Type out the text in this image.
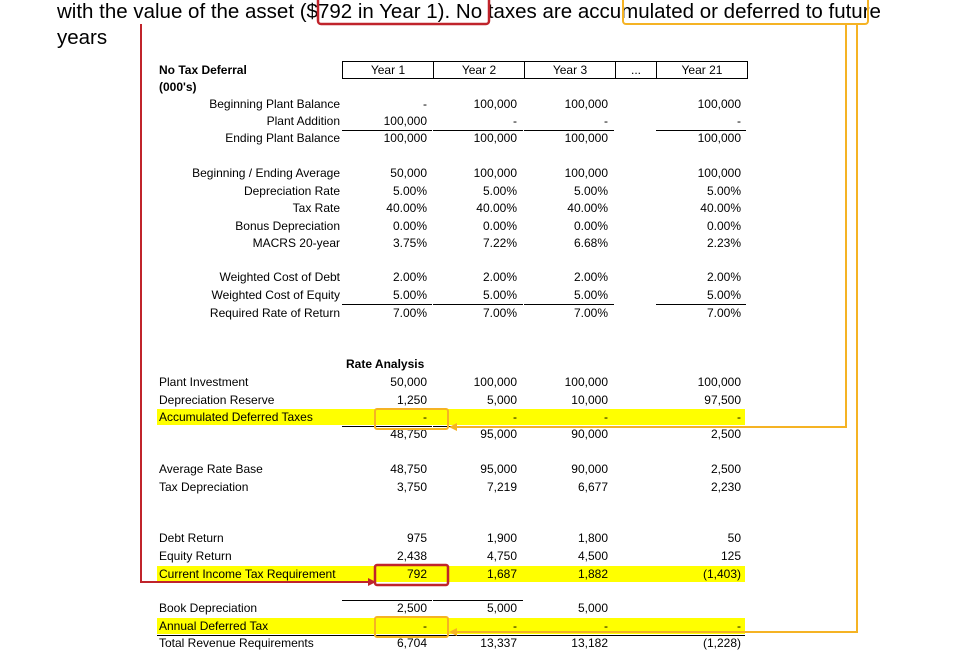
with the value of the asset ($792 in Year 1). No taxes are accumulated or deferred to future
years
No Tax Deferral
(000's)
Year 1	Year 2	Year 3	...	Year 21
Rate Analysis
Beginning Plant Balance	-	100,000	100,000	100,000
Plant Addition	100,000	-	-	-
Ending Plant Balance	100,000	100,000	100,000	100,000
Beginning / Ending Average	50,000	100,000	100,000	100,000
Depreciation Rate	5.00%	5.00%	5.00%	5.00%
Tax Rate	40.00%	40.00%	40.00%	40.00%
Bonus Depreciation	0.00%	0.00%	0.00%	0.00%
MACRS 20-year	3.75%	7.22%	6.68%	2.23%
Weighted Cost of Debt	2.00%	2.00%	2.00%	2.00%
Weighted Cost of Equity	5.00%	5.00%	5.00%	5.00%
Required Rate of Return	7.00%	7.00%	7.00%	7.00%
Plant Investment	50,000	100,000	100,000	100,000
Depreciation Reserve	1,250	5,000	10,000	97,500
Accumulated Deferred Taxes	-	-	-	-
48,750	95,000	90,000	2,500
Average Rate Base	48,750	95,000	90,000	2,500
Tax Depreciation	3,750	7,219	6,677	2,230
Debt Return	975	1,900	1,800	50
Equity Return	2,438	4,750	4,500	125
Current Income Tax Requirement	792	1,687	1,882	(1,403)
Book Depreciation	2,500	5,000	5,000
Annual Deferred Tax	-	-	-	-
Total Revenue Requirements	6,704	13,337	13,182	(1,228)
